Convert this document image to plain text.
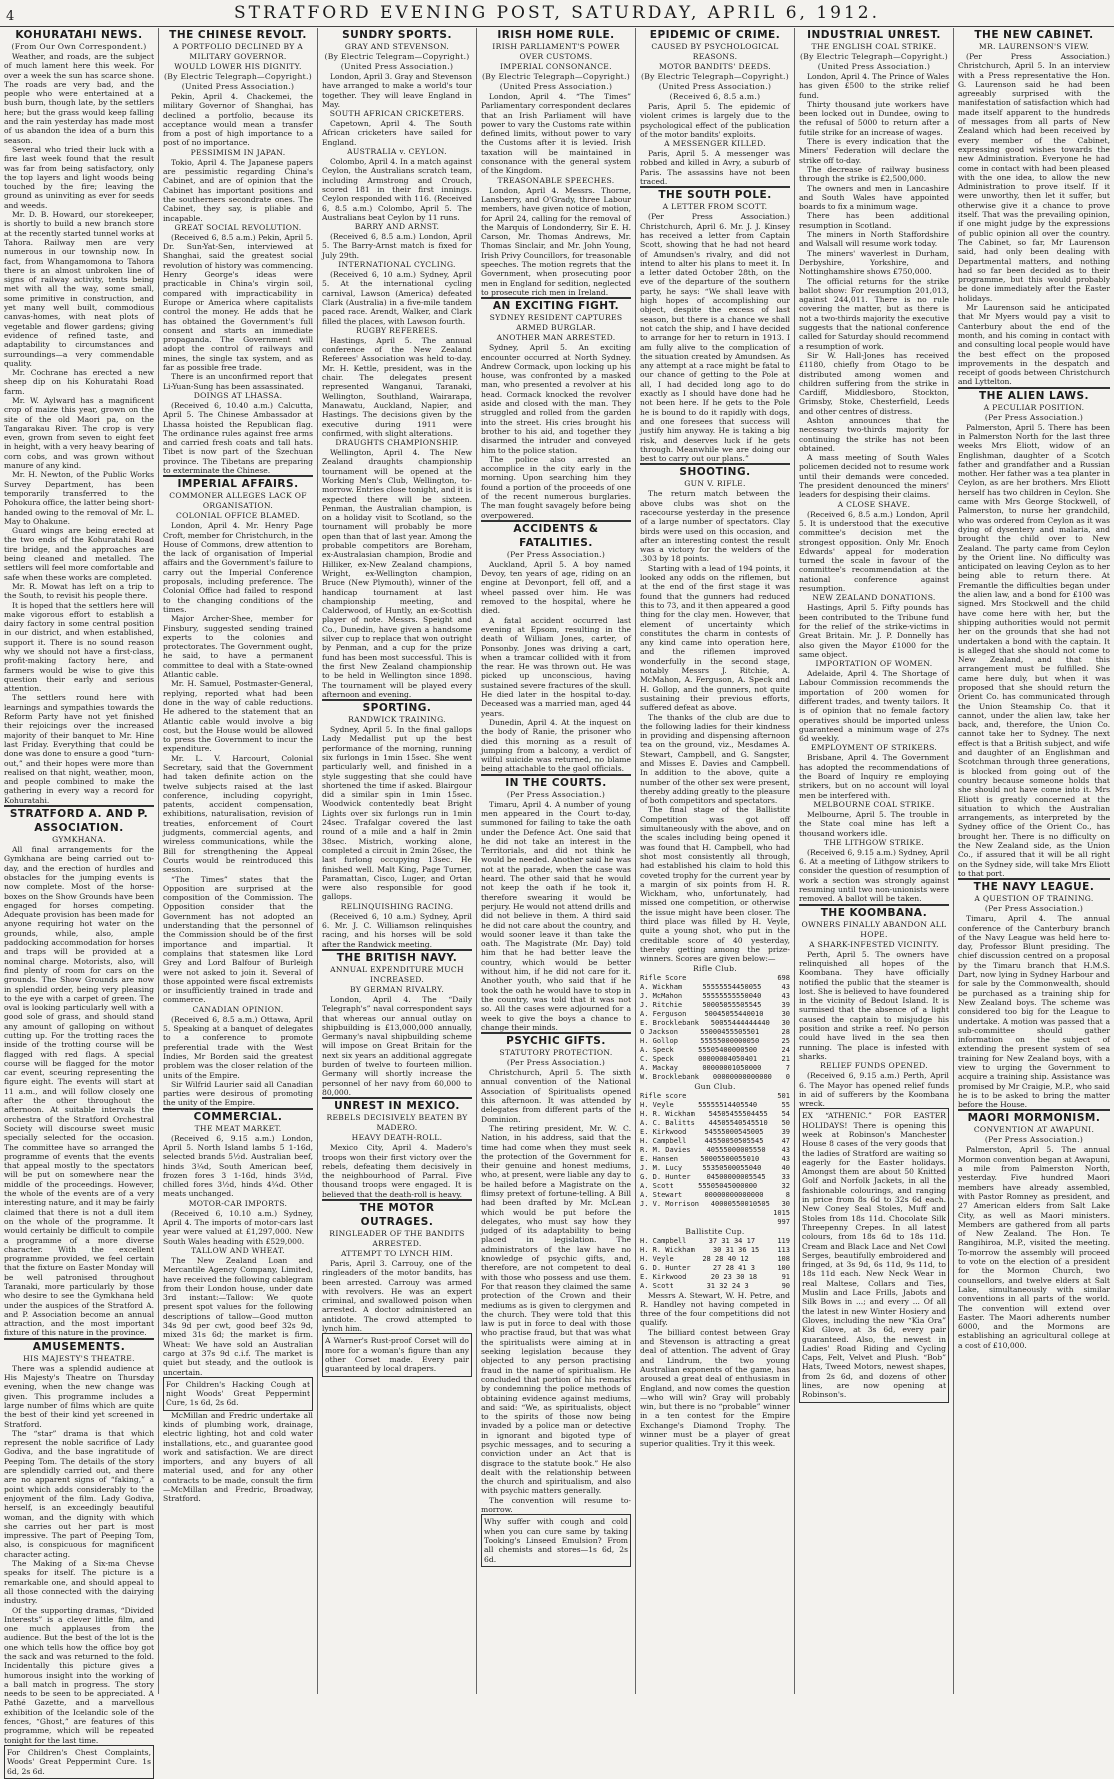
4	STRATFORD EVENING POST, SATURDAY, APRIL 6, 1912.
KOHURATAHI NEWS.
(From Our Own Correspondent.)
Weather, and roads, are the subject of much lament here this week. For over a week the sun has scarce shone. The roads are very bad, and the people who were entertained at a bush burn, though late, by the settlers here; but the grass would keep falling and the rain yesterday has made most of us abandon the idea of a burn this season.
Several who tried their luck with a fire last week found that the result was far from being satisfactory, only the top layers and light woods being touched by the fire; leaving the ground as uninviting as ever for seeds and weeds.
Mr. D. B. Howard, our storekeeper, is shortly to build a new branch store at the recently started tunnel works at Tahora. Railway men are very numerous in our township now. In fact, from Whangamomona to Tahora there is an almost unbroken line of signs of railway activity, tents being met with all the way, some small, some primitive in construction, and yet many well built, commodious canvas-homes, with neat plots of vegetable and flower gardens; giving evidence of refined taste, and adaptability to circumstances and surroundings—a very commendable quality.
Mr. Cochrane has erected a new sheep dip on his Kohuratahi Road farm.
Mr. W. Aylward has a magnificent crop of maize this year, grown on the site of the old Maori pa, on the Tangarakau River. The crop is very even, grown from seven to eight feet in height, with a very heavy bearing of corn cobs, and was grown without manure of any kind.
Mr. H. Newton, of the Public Works Survey Department, has been temporarily transferred to the Pohokura office, the latter being short-handed owing to the removal of Mr. L. May to Ohakune.
Guard wings are being erected at the two ends of the Kohuratahi Road tire bridge, and the approaches are being cleaned and metalled. The settlers will feel more comfortable and safe when these works are completed.
Mr. R. Mowat has left on a trip to the South, to revisit his people there.
It is hoped that the settlers here will make vigorous effort to establish a dairy factory in some central position in our district, and when established, support it. There is no sound reason why we should not have a first-class, profit-making factory here, and farmers would be wise to give this question their early and serious attention.
The settlers round here with learnings and sympathies towards the Reform Party have not yet finished their rejoicings over the increased majority of their banquet to Mr. Hine last Friday. Everything that could be done was done to ensure a good “turn-out,” and their hopes were more than realised on that night, weather, moon, and people combined to make the gathering in every way a record for Kohuratahi.
STRATFORD A. AND P. ASSOCIATION.
GYMKHANA.
All final arrangements for the Gymkhana are being carried out to-day, and the erection of hurdles and obstacles for the jumping events is now complete. Most of the horse-boxes on the Show Grounds have been engaged for horses competing. Adequate provision has been made for anyone requiring hot water on the grounds, while, also, ample paddocking accommodation for horses and traps will be provided at a nominal charge. Motorists, also, will find plenty of room for cars on the grounds. The Show Grounds are now in splendid order, being very pleasing to the eye with a carpet of green. The oval is looking particularly well with a good sole of grass, and should stand any amount of galloping on without cutting up. For the trotting races the inside of the trotting course will be flagged with red flags. A special course will be flagged for the motor car event, sceuring representing the figure eight. The events will start at 11 a.m., and will follow closely one after the other throughout the afternoon. At suitable intervals the orchestra of the Stratford Orchestral Society will discourse sweet music specially selected for the occasion. The committee have so arranged the programme of events that the events that appeal mostly to the spectators will be put on somewhere near the middle of the proceedings. However, the whole of the events are of a very interesting nature, and it may be fairly claimed that there is not a dull item on the whole of the programme. It would certainly be difficult to compile a programme of a more diverse character. With the excellent programme provided, we feel certain that the fixture on Easter Monday will be well patronised throughout Taranaki, more particularly by those who desire to see the Gymkhana held under the auspices of the Stratford A. and P. Association become an annual attraction, and the most important fixture of this nature in the province.
AMUSEMENTS.
HIS MAJESTY'S THEATRE.
There was a splendid audience at His Majesty's Theatre on Thursday evening, when the new change was given. This programme includes a large number of films which are quite the best of their kind yet screened in Stratford.
The “star” drama is that which represent the noble sacrifice of Lady Godiva, and the base ingratitude of Peeping Tom. The details of the story are splendidly carried out, and there are no apparent signs of “faking,” a point which adds considerably to the enjoyment of the film. Lady Godiva, herself, is an exceedingly beautiful woman, and the dignity with which she carries out her part is most impressive. The part of Peeping Tom, also, is conspicuous for magnificent character acting.
The Making of a Six-ma Chevse speaks for itself. The picture is a remarkable one, and should appeal to all those connected with the dairying industry.
Of the supporting dramas, “Divided Interests” is a clever little film, and one much applauses from the audience. But the best of the lot is the one which tells how the office boy got the sack and was returned to the fold. Incidentally this picture gives a humorous insight into the working of a ball match in progress. The story needs to be seen to be appreciated. A Pathé Gazette, and a marvellous exhibition of the Icelandic sole of the fences, “Ghost,” are features of this programme, which will be repeated tonight for the last time.
For Children's Chest Complaints, Woods' Great Peppermint Cure. 1s 6d, 2s 6d.
THE CHINESE REVOLT.
A PORTFOLIO DECLINED BY A MILITARY GOVERNOR.
WOULD LOWER HIS DIGNITY.
(By Electric Telegraph—Copyright.) (United Press Association.)
Pekin, April 4. Chackemei, the military Governor of Shanghai, has declined a portfolio, because its acceptance would mean a transfer from a post of high importance to a post of no importance.
PESSIMISM IN JAPAN.
Tokio, April 4. The Japanese papers are pessimistic regarding China's Cabinet, and are of opinion that the Cabinet has important positions and the southerners secondrate ones. The Cabinet, they say, is pliable and incapable.
GREAT SOCIAL REVOLUTION.
(Received 6, 8.5 a.m.) Pekin, April 5. Dr. Sun-Yat-Sen, interviewed at Shanghai, said the greatest social revolution of history was commencing. Henry George's ideas were practicable in China's virgin soil, compared with impracticability in Europe or America where capitalists control the money. He adds that he has obtained the Government's full consent and starts an immediate propaganda. The Government will adopt the control of railways and mines, the single tax system, and as far as possible free trade.
There is an unconfirmed report that Li-Yuan-Sung has been assassinated.
DOINGS AT LHASSA.
(Received 6, 10.40 a.m.) Calcutta, April 5. The Chinese Ambassador at Lhassa hoisted the Republican flag. The ordinance rules against free arms and carried fresh coats and tall hats. Tibet is now part of the Szechuan province. The Tibetans are preparing to exterminate the Chinese.
IMPERIAL AFFAIRS.
COMMONER ALLEGES LACK OF ORGANISATION.
COLONIAL OFFICE BLAMED.
London, April 4. Mr. Henry Page Croft, member for Christchurch, in the House of Commons, drew attention to the lack of organisation of Imperial affairs and the Government's failure to carry out the Imperial Conference proposals, including preference. The Colonial Office had failed to respond to the changing conditions of the times.
Major Archer-Shee, member for Finsbury, suggested sending trained experts to the colonies and protectorates. The Government ought, he said, to have a permanent committee to deal with a State-owned Atlantic cable.
Mr. H. Samuel, Postmaster-General, replying, reported what had been done in the way of cable reductions. He adhered to the statement that an Atlantic cable would involve a big cost, but the House would be allowed to press the Government to incur the expenditure.
Mr. L. V. Harcourt, Colonial Secretary, said that the Government had taken definite action on the twelve subjects raised at the last conference, including copyright, patents, accident compensation, exhibitions, naturalisation, revision of treaties, enforcement of Court judgments, commercial agents, and wireless communications, while the Bill for strengthening the Appeal Courts would be reintroduced this session.
“The Times” states that the Opposition are surprised at the composition of the Commission. The Opposition consider that the Government has not adopted an understanding that the personnel of the Commission should be of the first importance and impartial. It complains that statesmen like Lord Grey and Lord Balfour of Burleigh were not asked to join it. Several of those appointed were fiscal extremists or insufficiently trained in trade and commerce.
CANADIAN OPINION.
(Received 6, 8.5 a.m.) Ottawa, April 5. Speaking at a banquet of delegates to a conference to promote preferential trade with the West Indies, Mr Borden said the greatest problem was the closer relation of the units of the Empire.
Sir Wilfrid Laurier said all Canadian parties were desirous of promoting the unity of the Empire.
COMMERCIAL.
THE MEAT MARKET.
(Received 6, 9.15 a.m.) London, April 5. North Island lambs 5 1-16d, selected brands 5½d. Australian beef, hinds 3¼d, South American beef, frozen fores 3 1-16d, hinds 3½d, chilled fores 3½d, hinds 4¼d. Other meats unchanged.
MOTOR-CAR IMPORTS.
(Received 6, 10.10 a.m.) Sydney, April 4. The imports of motor-cars last year were valued at £1,297,000. New South Wales heading with £529,000.
TALLOW AND WHEAT.
The New Zealand Loan and Mercantile Agency Company, Limited, have received the following cablegram from their London house, under date 3rd instant:—Tallow: We quote present spot values for the following descriptions of tallow—Good mutton 34s 9d per cwt, good beef 32s 9d, mixed 31s 6d; the market is firm. Wheat: We have sold an Australian cargo at 37s 9d c.i.f. The market is quiet but steady, and the outlook is uncertain.
For Children's Hacking Cough at night Woods' Great Peppermint Cure, 1s 6d, 2s 6d.
McMillan and Fredric undertake all kinds of plumbing work, drainage, electric lighting, hot and cold water installations, etc., and guarantee good work and satisfaction. We are direct importers, and any buyers of all material used, and for any other contracts to be made, consult the firm—McMillan and Fredric, Broadway, Stratford.
SUNDRY SPORTS.
GRAY AND STEVENSON.
(By Electric Telegram—Copyright.) (United Press Association.)
London, April 3. Gray and Stevenson have arranged to make a world's tour together. They will leave England in May.
SOUTH AFRICAN CRICKETERS.
Capetown, April 4. The South African cricketers have sailed for England.
AUSTRALIA v. CEYLON.
Colombo, April 4. In a match against Ceylon, the Australians scratch team, including Armstrong and Crouch, scored 181 in their first innings. Ceylon responded with 116. (Received 6, 8.5 a.m.) Colombo, April 5. The Australians beat Ceylon by 11 runs.
BARRY AND ARNST.
(Received 6, 8.5 a.m.) London, April 5. The Barry-Arnst match is fixed for July 29th.
INTERNATIONAL CYCLING.
(Received 6, 10 a.m.) Sydney, April 5. At the international cycling carnival, Lawson (America) defeated Clark (Australia) in a five-mile tandem paced race. Arendt, Walker, and Clark filled the places, with Lawson fourth.
RUGBY REFEREES.
Hastings, April 5. The annual conference of the New Zealand Referees' Association was held to-day. Mr. H. Kettle, president, was in the chair. The delegates present represented Wanganui, Taranaki, Wellington, Southland, Wairarapa, Manawatu, Auckland, Napier, and Hastings. The decisions given by the executive during 1911 were confirmed, with slight alterations.
DRAUGHTS CHAMPIONSHIP.
Wellington, April 4. The New Zealand draughts championship tournament will be opened at the Working Men's Club, Wellington, to-morrow. Entries close tonight, and it is expected there will be sixteen. Penman, the Australian champion, is on a holiday visit to Scotland, so the tournament will probably be more open than that of last year. Among the probable competitors are Boreham, ex-Australasian champion, Brodie and Hilliker, ex-New Zealand champions, Wright, ex-Wellington champion, Bruce (New Plymouth), winner of the handicap tournament at last championship meeting, and Calderwood, of Huntly, an ex-Scottish player of note. Messrs. Speight and Co., Dunedin, have given a handsome silver cup to replace that won outright by Penman, and a cup for the prize fund has been most successful. This is the first New Zealand championship to be held in Wellington since 1898. The tournament will be played every afternoon and evening.
SPORTING.
RANDWICK TRAINING.
Sydney, April 5. In the final gallops Lady Medallist put up the best performance of the morning, running six furlongs in 1min 15sec. She went particularly well, and finished in a style suggesting that she could have shortened the time if asked. Blairgour did a similar spin in 1min 15sec. Woodwick contentedly beat Bright Lights over six furlongs run in 1min 24sec. Trafalgar covered the last round of a mile and a half in 2min 38sec. Mistrich, working alone, completed a circuit in 2min 26sec, the last furlong occupying 13sec. He finished well. Malt King, Page Turner, Paramattan, Cisco, Luger, and Ortan were also responsible for good gallops.
RELINQUISHING RACING.
(Received 6, 10 a.m.) Sydney, April 6. Mr. J. C. Williamson relinquishes racing, and his horses will be sold after the Randwick meeting.
THE BRITISH NAVY.
ANNUAL EXPENDITURE MUCH INCREASED.
BY GERMAN RIVALRY.
London, April 4. The “Daily Telegraph's” naval correspondent says that whereas our annual outlay on shipbuilding is £13,000,000 annually, Germany's naval shipbuilding scheme will impose on Great Britain for the next six years an additional aggregate burden of twelve to fourteen million. Germany will shortly increase the personnel of her navy from 60,000 to 80,000.
UNREST IN MEXICO.
REBELS DECISIVELY BEATEN BY MADERO.
HEAVY DEATH-ROLL.
Mexico City, April 4. Madero's troops won their first victory over the rebels, defeating them decisively in the neighbourhood of Parral. Five thousand troops were engaged. It is believed that the death-roll is heavy.
THE MOTOR OUTRAGES.
RINGLEADER OF THE BANDITS ARRESTED.
ATTEMPT TO LYNCH HIM.
Paris, April 3. Carrouy, one of the ringleaders of the motor bandits, has been arrested. Carrouy was armed with revolvers. He was an expert criminal, and swallowed poison when arrested. A doctor administered an antidote. The crowd attempted to lynch him.
A Warner's Rust-proof Corset will do more for a woman's figure than any other Corset made. Every pair guaranteed by local drapers.
IRISH HOME RULE.
IRISH PARLIAMENT'S POWER OVER CUSTOMS.
IMPERIAL CONSONANCE.
(By Electric Telegraph—Copyright.) (United Press Association.)
London, April 4. “The Times” Parliamentary correspondent declares that an Irish Parliament will have power to vary the Customs rate within defined limits, without power to vary the Customs after it is levied. Irish taxation will be maintained in consonance with the general system of the Kingdom.
TREASONABLE SPEECHES.
London, April 4. Messrs. Thorne, Lansberry, and O'Grady, three Labour members, have given notice of motion, for April 24, calling for the removal of the Marquis of Londonderry, Sir E. H. Carson, Mr. Thomas Andrews, Mr. Thomas Sinclair, and Mr. John Young, Irish Privy Councillors, for treasonable speeches. The motion regrets that the Government, when prosecuting poor men in England for sedition, neglected to prosecute rich men in Ireland.
AN EXCITING FIGHT.
SYDNEY RESIDENT CAPTURES ARMED BURGLAR.
ANOTHER MAN ARRESTED.
Sydney, April 5. An exciting encounter occurred at North Sydney. Andrew Cormack, upon locking up his house, was confronted by a masked man, who presented a revolver at his head. Cormack knocked the revolver aside and closed with the man. They struggled and rolled from the garden into the street. His cries brought his brother to his aid, and together they disarmed the intruder and conveyed him to the police station.
The police also arrested an accomplice in the city early in the morning. Upon searching him they found a portion of the proceeds of one of the recent numerous burglaries. The man fought savagely before being overpowered.
ACCIDENTS & FATALITIES.
(Per Press Association.)
Auckland, April 5. A boy named Devoy, ten years of age, riding on an engine at Devonport, fell off, and a wheel passed over him. He was removed to the hospital, where he died.
A fatal accident occurred last evening at Epsom, resulting in the death of William Jones, carter, of Ponsonby. Jones was driving a cart, when a tramcar collided with it from the rear. He was thrown out. He was picked up unconscious, having sustained severe fractures of the skull. He died later in the hospital to-day. Deceased was a married man, aged 44 years.
Dunedin, April 4. At the inquest on the body of Ranie, the prisoner who died this morning as a result of jumping from a balcony, a verdict of wilful suicide was returned, no blame being attachable to the gaol officials.
IN THE COURTS.
(Per Press Association.)
Timaru, April 4. A number of young men appeared in the Court to-day, summoned for failing to take the oath under the Defence Act. One said that he did not take an interest in the Territorials, and did not think he would be needed. Another said he was not at the parade, when the case was heard. The other said that he would not keep the oath if he took it, therefore swearing it would be perjury. He would not attend drills and did not believe in them. A third said he did not care about the country, and would sooner leave it than take the oath. The Magistrate (Mr. Day) told him that he had better leave the country, which would be better without him, if he did not care for it. Another youth, who said that if he took the oath he would have to stop in the country, was told that it was not so. All the cases were adjourned for a week to give the boys a chance to change their minds.
PSYCHIC GIFTS.
STATUTORY PROTECTION.
(Per Press Association.)
Christchurch, April 5. The sixth annual convention of the National Association of Spiritualists opened this afternoon. It was attended by delegates from different parts of the Dominion.
The retiring president, Mr. W. C. Nation, in his address, said that the time had come when they must seek the protection of the Government for their genuine and honest mediums, who, at present, were liable any day to be hailed before a Magistrate on the flimsy pretext of fortune-telling. A Bill had been drafted by Mr. McLean which would be put before the delegates, who must say how they judged of its adaptability to being placed in legislation. The administrators of the law have no knowledge of psychic gifts, and, therefore, are not competent to deal with those who possess and use them. For that reason they claimed the same protection of the Crown and their mediums as is given to clergymen and the church. They were told that this law is put in force to deal with those who practise fraud, but that was what the spiritualists were aiming at in seeking legislation because they objected to any person practising fraud in the name of spiritualism. He concluded that portion of his remarks by condemning the police methods of obtaining evidence against mediums, and said: “We, as spiritualists, object to the spirits of those now being invaded by a police man or detective in ignorant and bigoted type of psychic messages, and to securing a conviction under an Act that is disgrace to the statute book.” He also dealt with the relationship between the church and spiritualism, and also with psychic matters generally.
The convention will resume to-morrow.
Why suffer with cough and cold when you can cure same by taking Tooking's Linseed Emulsion? From all chemists and stores—1s 6d, 2s 6d.
EPIDEMIC OF CRIME.
CAUSED BY PSYCHOLOGICAL REASONS.
MOTOR BANDITS' DEEDS.
(By Electric Telegraph—Copyright.) (United Press Association.) (Received 6, 8.5 a.m.)
Paris, April 5. The epidemic of violent crimes is largely due to the psychological effect of the publication of the motor bandits' exploits.
A MESSENGER KILLED.
Paris, April 5. A messenger was robbed and killed in Avry, a suburb of Paris. The assassins have not been traced.
THE SOUTH POLE.
A LETTER FROM SCOTT.
(Per Press Association.) Christchurch, April 6. Mr. J. J. Kinsey has received a letter from Captain Scott, showing that he had not heard of Amundsen's rivalry, and did not intend to alter his plans to meet it. In a letter dated October 28th, on the eve of the departure of the southern party, he says: “We shall leave with high hopes of accomplishing our object, despite the excess of last season, but there is a chance we shall not catch the ship, and I have decided to arrange for her to return in 1913. I am fully alive to the complication of the situation created by Amundsen. As any attempt at a race might be fatal to our chance of getting to the Pole at all, I had decided long ago to do exactly as I should have done had he not been here. If he gets to the Pole he is bound to do it rapidly with dogs, and one foresees that success will justify him anyway. He is taking a big risk, and deserves luck if he gets through. Meanwhile we are doing our best to carry out our plans.”
SHOOTING.
GUN V. RIFLE.
The return match between the above clubs was shot on the racecourse yesterday in the presence of a large number of spectators. Clay birds were used on this occasion, and after an interesting contest the result was a victory for the welders of the .303 by 18 points.
Starting with a lead of 194 points, it looked any odds on the riflemen, but at the end of the first stage it was found that the gunners had reduced this to 73, and it then appeared a good thing for the clay men. However, that element of uncertainty which constitutes the charm in contests of any kind came into operation here, and the riflemen improved wonderfully in the second stage, notably Messrs J. Ritchie, A. McMahon, A. Ferguson, A. Speck and H. Gollop, and the gunners, not quite sustaining their previous efforts, suffered defeat as above.
The thanks of the club are due to the following ladies for their kindness in providing and dispensing afternoon tea on the ground, viz., Mesdames A. Stewart, Campbell, and G. Sangster, and Misses E. Davies and Campbell. In addition to the above, quite a number of the other sex were present, thereby adding greatly to the pleasure of both competitors and spectators.
The final stage of the Ballistite Competition was got off simultaneously with the above, and on the scales including being opened it was found that H. Campbell, who had shot most consistently all through, had established his claim to hold this coveted trophy for the current year by a margin of six points from H. R. Wickham, who, unfortunately, had missed one competition, or otherwise the issue might have been closer. The third place was filled by H. Veyle, quite a young shot, who put in the creditable score of 40 yesterday, thereby getting among the prize-winners. Scores are given below:—
Rifle Club.
Rifle Score	698
A. Wickham	55555554450055	43
J. McMahon	55555555550040	43
J. Ritchie	50005055505545	39
A. Ferguson	50045055440010	30
E. Brocklebank 50055444444440 30
O Jackson	55000455505501	28
H. Gollop	55555000000050	25
A. Speck	55505400000500	24
C. Speck	00000004050401	21
A. Mackay	00000001050000	7
W. Brocklebank 00000000000000 0
Gun Club.
Rifle score	501
H. Veyle	55555514405540	55
H. R. Wickham 54505455504455 54
A. C. Balitts 44505540545510 50
E. Kirkwood	54555000545005	39
H. Campbell	44550050505545	47
R. M. Davies 40555000005550 43
E. Hansen	50005500055010	43
J. M. Lucy	55350500055040	40
G. D. Hunter 04500000005545 33
A. Scott	55505045000000	32
A. Stewart	00000000000000	8
J. V. Morrison 40000550010505 30
1015
997
Ballistite Cup.
H. Campbell	37 31 34 17	119
H. R. Wickham	30 31 36 15	113
H. Veyle	28 28 40 12	108
G. D. Hunter	27 28 41 3	100
E. Kirkwood	20 23 30 18	91
A. Scott	31 32 24 3	90
Messrs A. Stewart, W. H. Petre, and R. Handley not having competed in three of the four competitions did not qualify.
The billiard contest between Gray and Stevenson is attracting a great deal of attention. The advent of Gray and Lindrum, the two young Australian exponents of the game, has aroused a great deal of enthusiasm in England, and now comes the question —who will win? Gray will probably win, but there is no “probable” winner in a ten contest for the Empire Exchange's Diamond Trophy. The winner must be a player of great superior qualities. Try it this week.
INDUSTRIAL UNREST.
THE ENGLISH COAL STRIKE.
(By Electric Telegraph—Copyright.) (United Press Association.)
London, April 4. The Prince of Wales has given £500 to the strike relief fund.
Thirty thousand jute workers have been locked out in Dundee, owing to the refusal of 5000 to return after a futile strike for an increase of wages.
There is every indication that the Miners' Federation will declare the strike off to-day.
The decrease of railway business through the strike is £2,500,000.
The owners and men in Lancashire and South Wales have appointed boards to fix a minimum wage.
There has been additional resumption in Scotland.
The miners in North Staffordshire and Walsall will resume work today.
The miners' waverlest in Durham, Derbyshire, Yorkshire, and Nottinghamshire shows £750,000.
The official returns for the strike ballot show: For resumption 201,013, against 244,011. There is no rule covering the matter, but as there is not a two-thirds majority the executive suggests that the national conference called for Saturday should recommend a resumption of work.
Sir W. Hall-Jones has received £1180, chiefly from Otago to be distributed among women and children suffering from the strike in Cardiff, Middlesboro, Stockton, Grimsby, Stoke, Chesterfield, Leeds and other centres of distress.
Ashton announces that the necessary two-thirds majority for continuing the strike has not been obtained.
A mass meeting of South Wales policemen decided not to resume work until their demands were conceded. The president denounced the miners' leaders for despising their claims.
A CLOSE SHAVE.
(Received 6, 8.5 a.m.) London, April 5. It is understood that the executive committee's decision met the strongest opposition. Only Mr. Enoch Edwards' appeal for moderation turned the scale in favour of the committee's recommendation at the national conference against resumption.
NEW ZEALAND DONATIONS.
Hastings, April 5. Fifty pounds has been contributed to the Tribune fund for the relief of the strike-victims in Great Britain. Mr. J. P. Donnelly has also given the Mayor £1000 for the same object.
IMPORTATION OF WOMEN.
Adelaide, April 4. The Shortage of Labour Commission recommends the importation of 200 women for different trades, and twenty tailors. It is of opinion that no female factory operatives should be imported unless guaranteed a minimum wage of 27s 6d weekly.
EMPLOYMENT OF STRIKERS.
Brisbane, April 4. The Government has adopted the recommendations of the Board of Inquiry re employing strikers, but on no account will loyal men be interfered with.
MELBOURNE COAL STRIKE.
Melbourne, April 5. The trouble in the State coal mine has left a thousand workers idle.
THE LITHGOW STRIKE.
(Received 6, 9.15 a.m.) Sydney, April 6. At a meeting of Lithgow strikers to consider the question of resumption of work a section was strongly against resuming until two non-unionists were removed. A ballot will be taken.
THE KOOMBANA.
OWNERS FINALLY ABANDON ALL HOPE.
A SHARK-INFESTED VICINITY.
Perth, April 5. The owners have relinquished all hopes of the Koombana. They have officially notified the public that the steamer is lost. She is believed to have foundered in the vicinity of Bedout Island. It is surmised that the absence of a light caused the captain to misjudge his position and strike a reef. No person could have lived in the sea then running. The place is infested with sharks.
RELIEF FUNDS OPENED.
(Received 6, 9.15 a.m.) Perth, April 6. The Mayor has opened relief funds in aid of sufferers by the Koombana wreck.
EX “ATHENIC.” FOR EASTER HOLIDAYS! There is opening this week at Robinson's Manchester House 8 cases of the very goods that the ladies of Stratford are waiting so eagerly for the Easter holidays. Amongst them are about 50 Knitted Golf and Norfolk Jackets, in all the fashionable colourings, and ranging in price from 8s 6d to 32s 6d each. New Coney Seal Stoles, Muff and Stoles from 18s 11d. Chocolate Silk Threepenny Crepes. In all latest colours, from 18s 6d to 18s 11d. Cream and Black Lace and Net Cowl Serges, beautifully embroidered and fringed, at 3s 9d, 6s 11d, 9s 11d, to 18s 11d each. New Neck Wear in real Maltese, Collars and Ties, Muslin and Lace Frills, Jabots and Silk Bows in ...; and every ... Of all the latest in new Winter Hosiery and Gloves, including the new “Kia Ora” Kid Glove, at 3s 6d, every pair guaranteed. Also, the newest in Ladies' Road Riding and Cycling Caps, Felt, Velvet and Plush. “Bob” Hats, Tweed Motors, newest shapes, from 2s 6d, and dozens of other lines, are now opening at Robinson's.
THE NEW CABINET.
MR. LAURENSON'S VIEW.
(Per Press Association.) Christchurch, April 5. In an interview with a Press representative the Hon. G. Laurenson said he had been agreeably surprised with the manifestation of satisfaction which had made itself apparent to the hundreds of messages from all parts of New Zealand which had been received by every member of the Cabinet, expressing good wishes towards the new Administration. Everyone he had come in contact with had been pleased with the one idea, to allow the new Administration to prove itself. If it were unworthy, then let it suffer, but otherwise give it a chance to prove itself. That was the prevailing opinion, if one might judge by the expressions of public opinion all over the country. The Cabinet, so far, Mr Laurenson said, had only been dealing with Departmental matters, and nothing had so far been decided as to their programme, but this would probably be done immediately after the Easter holidays.
Mr Laurenson said he anticipated that Mr Myers would pay a visit to Canterbury about the end of the month, and his coming in contact with and consulting local people would have the best effect on the proposed improvements in the despatch and receipt of goods between Christchurch and Lyttelton.
THE ALIEN LAWS.
A PECULIAR POSITION.
(Per Press Association.)
Palmerston, April 5. There has been in Palmerston North for the last three weeks Mrs Eliott, widow of an Englishman, daughter of a Scotch father and grandfather and a Russian mother. Her father was a tea planter in Ceylon, as are her brothers. Mrs Eliott herself has two children in Ceylon. She came with Mrs George Stockwell, of Palmerston, to nurse her grandchild, who was ordered from Ceylon as it was dying of dysentery and malaria, and brought the child over to New Zealand. The party came from Ceylon by the Orient line. No difficulty was anticipated on leaving Ceylon as to her being able to return there. At Fremantle the difficulties began under the alien law, and a bond for £100 was signed. Mrs Stockwell and the child have come here with her, but the shipping authorities would not permit her on the grounds that she had not undertaken a bond with the captain. It is alleged that she should not come to New Zealand, and that this arrangement must be fulfilled. She came here duly, but when it was proposed that she should return the Orient Co. has communicated through the Union Steamship Co. that it cannot, under the alien law, take her back, and, therefore, the Union Co. cannot take her to Sydney. The next effect is that a British subject, and wife and daughter of an Englishman and Scotchman through three generations, is blocked from going out of the country because someone holds that she should not have come into it. Mrs Eliott is greatly concerned at the situation to which the Australian arrangements, as interpreted by the Sydney office of the Orient Co., has brought her. There is no difficulty on the New Zealand side, as the Union Co., if assured that it will be all right on the Sydney side, will take Mrs Eliott to that port.
THE NAVY LEAGUE.
A QUESTION OF TRAINING.
(Per Press Association.)
Timaru, April 4. The annual conference of the Canterbury branch of the Navy League was held here to-day, Professor Blunt presiding. The chief discussion centred on a proposal by the Timaru branch that H.M.S. Dart, now lying in Sydney Harbour and for sale by the Commonwealth, should be purchased as a training ship for New Zealand boys. The scheme was considered too big for the League to undertake. A motion was passed that a sub-committee should gather information on the subject of extending the present system of sea training for New Zealand boys, with a view to urging the Government to acquire a training ship. Assistance was promised by Mr Craigie, M.P., who said he is to be asked to bring the matter before the House.
MAORI MORMONISM.
CONVENTION AT AWAPUNI.
(Per Press Association.)
Palmerston, April 5. The annual Mormon convention began at Awapuni, a mile from Palmerston North, yesterday. Five hundred Maori members have already assembled, with Pastor Romney as president, and 27 American elders from Salt Lake City, as well as Maori ministers. Members are gathered from all parts of New Zealand. The Hon. Te Rangihiroa, M.P., visited the meeting. To-morrow the assembly will proceed to vote on the election of a president for the Mormon Church, two counsellors, and twelve elders at Salt Lake, simultaneously with similar conventions in all parts of the world. The convention will extend over Easter. The Maori adherents number 6000, and the Mormons are establishing an agricultural college at a cost of £10,000.
